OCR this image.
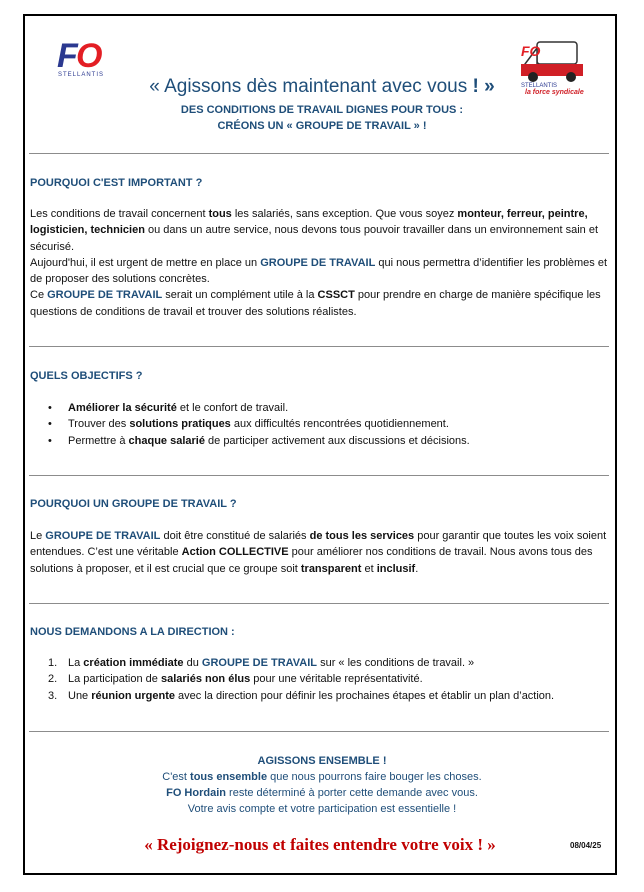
F
O
STELLANTIS
FO
STELLANTIS
la force syndicale
« Agissons dès maintenant avec vous ! »
DES CONDITIONS DE TRAVAIL DIGNES POUR TOUS :
CRÉONS UN « GROUPE DE TRAVAIL » !
POURQUOI C'EST IMPORTANT ?
Les conditions de travail concernent tous les salariés, sans exception. Que vous soyez monteur, ferreur, peintre, logisticien, technicien ou dans un autre service, nous devons tous pouvoir travailler dans un environnement sain et sécurisé.
Aujourd'hui, il est urgent de mettre en place un GROUPE DE TRAVAIL qui nous permettra d’identifier les problèmes et de proposer des solutions concrètes.
Ce GROUPE DE TRAVAIL serait un complément utile à la CSSCT pour prendre en charge de manière spécifique les questions de conditions de travail et trouver des solutions réalistes.
QUELS OBJECTIFS ?
•	Améliorer la sécurité et le confort de travail.
•	Trouver des solutions pratiques aux difficultés rencontrées quotidiennement.
•	Permettre à chaque salarié de participer activement aux discussions et décisions.
POURQUOI UN GROUPE DE TRAVAIL ?
Le GROUPE DE TRAVAIL doit être constitué de salariés de tous les services pour garantir que toutes les voix soient entendues. C’est une véritable Action COLLECTIVE pour améliorer nos conditions de travail. Nous avons tous des solutions à proposer, et il est crucial que ce groupe soit transparent et inclusif.
NOUS DEMANDONS A LA DIRECTION :
1. La création immédiate du GROUPE DE TRAVAIL sur « les conditions de travail. »
2. La participation de salariés non élus pour une véritable représentativité.
3. Une réunion urgente avec la direction pour définir les prochaines étapes et établir un plan d’action.
AGISSONS ENSEMBLE !
C'est tous ensemble que nous pourrons faire bouger les choses.
FO Hordain reste déterminé à porter cette demande avec vous.
Votre avis compte et votre participation est essentielle !
« Rejoignez-nous et faites entendre votre voix ! »	08/04/25
